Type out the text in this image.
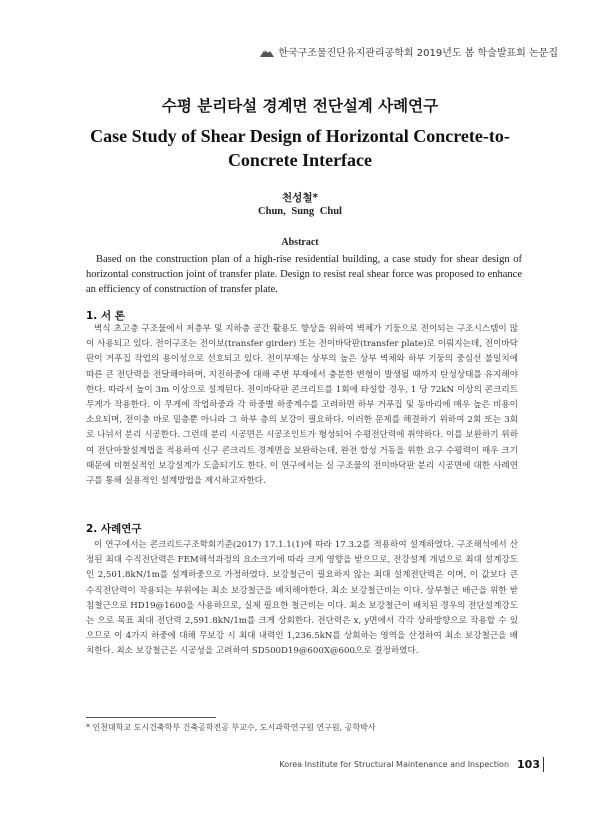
한국구조물진단유지관리공학회 2019년도 봄 학술발표회 논문집
수평 분리타설 경계면 전단설계 사례연구
Case Study of Shear Design of Horizontal Concrete-to-Concrete Interface
천성철*
Chun, Sung Chul
Abstract
Based on the construction plan of a high-rise residential building, a case study for shear design of horizontal construction joint of transfer plate. Design to resist real shear force was proposed to enhance an efficiency of construction of transfer plate.
1. 서 론
벽식 초고층 구조물에서 저층부 및 지하층 공간 활용도 향상을 위하여 벽체가 기둥으로 전이되는 구조시스템이 많이 사용되고 있다. 전이구조는 전이보(transfer girder) 또는 전이바닥판(transfer plate)로 이뤄지는데, 전이바닥판이 거푸집 작업의 용이성으로 선호되고 있다. 전이부재는 상부의 높은 상부 벽체와 하부 기둥의 중심선 불일치에 따른 큰 전단력을 전달해야하며, 지진하중에 대해 주변 부재에서 충분한 변형이 발생될 때까지 탄성상태를 유지해야한다. 따라서 높이 3m 이상으로 설계된다. 전이바닥판 콘크리트를 1회에 타설할 경우, 1 당 72kN 이상의 콘크리트 무게가 작용한다. 이 무게에 작업하중과 각 하중별 하중계수를 고려하면 하부 거푸집 및 동바리에 매우 높은 비용이 소요되며, 전이층 바로 밑층뿐 아니라 그 하부 층의 보강이 필요하다. 이러한 문제를 해결하기 위하여 2회 또는 3회로 나뉘서 분리 시공한다. 그런데 분리 시공면은 시공조인트가 형성되어 수평전단력에 취약하다. 이를 보완하기 위하여 전단마찰설계법을 적용하여 신구 콘크리트 경계면을 보완하는데, 완전 합성 거동을 위한 요구 수평력이 매우 크기 때문에 비현실적인 보강설계가 도출되기도 한다. 이 연구에서는 실 구조물의 전이바닥판 분리 시공면에 대한 사례연구를 통해 실용적인 설계방법을 제시하고자한다.
2. 사례연구
이 연구에서는 콘크리트구조학회기준(2017) 17.1.1(1)에 따라 17.3.2를 적용하여 설계하였다. 구조해석에서 산정된 최대 수직전단력은 FEM해석과정의 요소크기에 따라 크게 영향을 받으므로, 전강설계 개념으로 최대 설계강도 인 2,501.8kN/1m를 설계하중으로 가정하였다. 보강철근이 필요하지 않는 최대 설계전단력은 이며, 이 값보다 큰 수직전단력이 작용되는 부위에는 최소 보강철근을 배치해야한다. 최소 보강철근비는 이다. 상부철근 배근을 위한 받침철근으로 HD19@1600을 사용하므로, 실제 필요한 철근비는 이다. 최소 보강철근이 배치된 경우의 전단설계강도는 으로 목표 최대 전단력 2,591.8kN/1m를 크게 상회한다. 전단력은 x, y면에서 각각 상하방향으로 작용할 수 있으므로 이 4가지 하중에 대해 무보강 시 최대 내력인 1,236.5kN를 상회하는 영역을 산정하여 최소 보강철근을 배치한다. 최소 보강철근은 시공성을 고려하여 SD500D19@600X@600으로 결정하였다.
* 인천대학교 도시건축학부 건축공학전공 부교수, 도시과학연구원 연구원, 공학박사
Korea Institute for Structural Maintenance and Inspection 103
